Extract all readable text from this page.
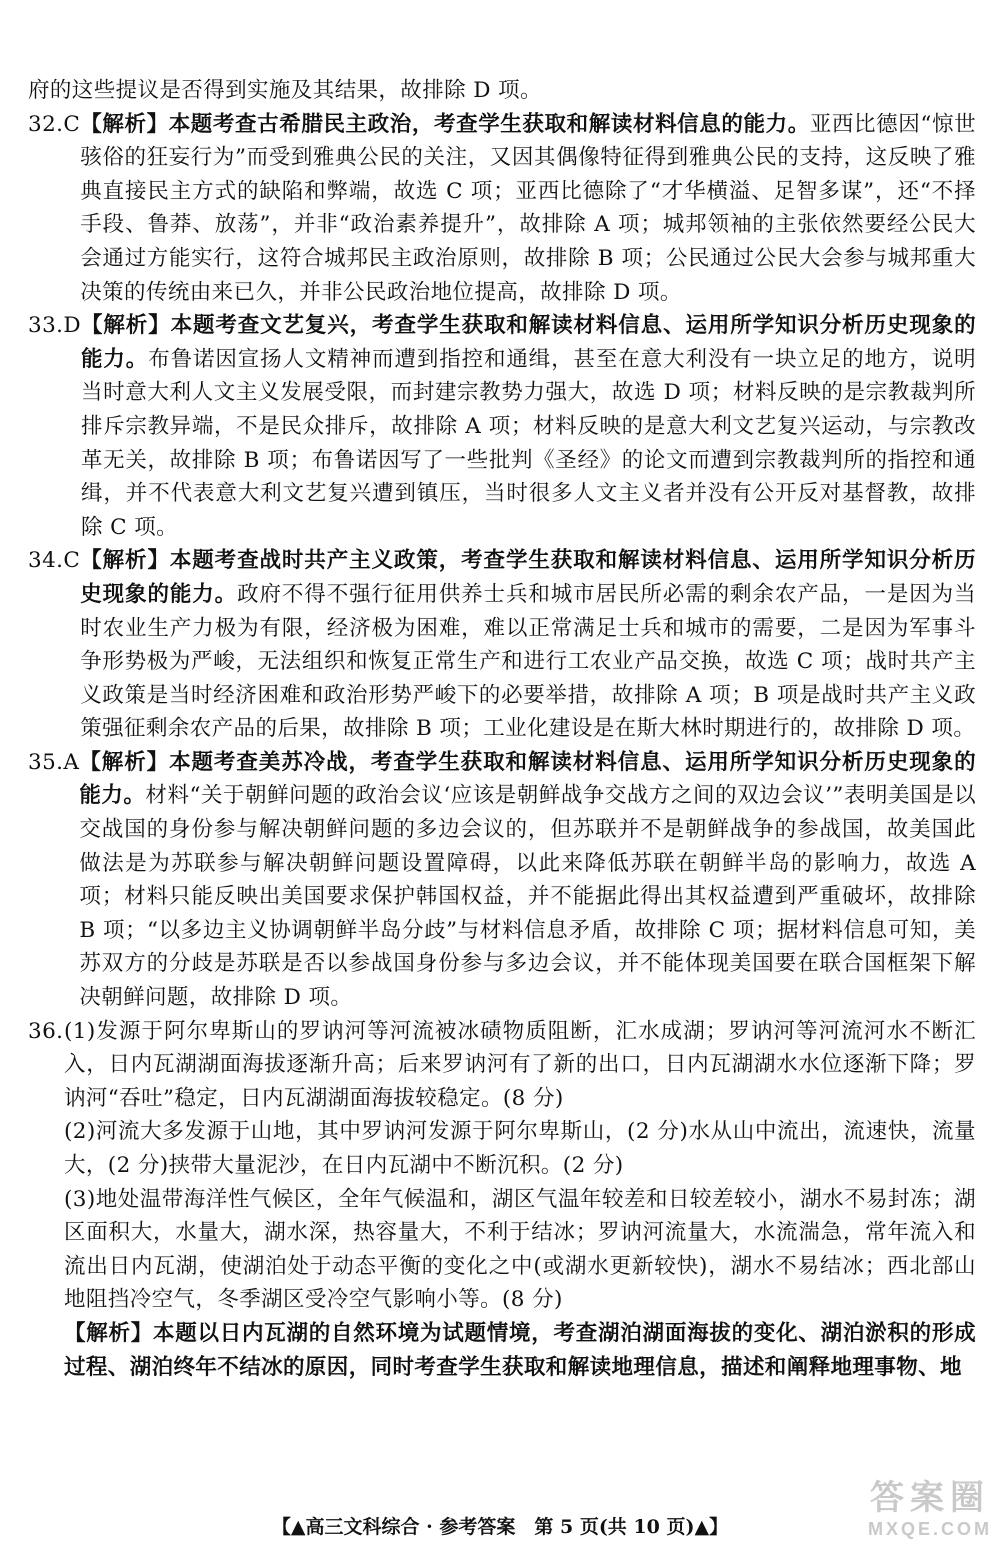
府的这些提议是否得到实施及其结果，故排除 D 项。
32.C 【解析】本题考查古希腊民主政治，考查学生获取和解读材料信息的能力。亚西比德因“惊世骇俗的狂妄行为”而受到雅典公民的关注，又因其偶像特征得到雅典公民的支持，这反映了雅典直接民主方式的缺陷和弊端，故选 C 项；亚西比德除了“才华横溢、足智多谋”，还“不择手段、鲁莽、放荡”，并非“政治素养提升”，故排除 A 项；城邦领袖的主张依然要经公民大会通过方能实行，这符合城邦民主政治原则，故排除 B 项；公民通过公民大会参与城邦重大决策的传统由来已久，并非公民政治地位提高，故排除 D 项。
33.D 【解析】本题考查文艺复兴，考查学生获取和解读材料信息、运用所学知识分析历史现象的能力。布鲁诺因宣扬人文精神而遭到指控和通缉，甚至在意大利没有一块立足的地方，说明当时意大利人文主义发展受限，而封建宗教势力强大，故选 D 项；材料反映的是宗教裁判所排斥宗教异端，不是民众排斥，故排除 A 项；材料反映的是意大利文艺复兴运动，与宗教改革无关，故排除 B 项；布鲁诺因写了一些批判《圣经》的论文而遭到宗教裁判所的指控和通缉，并不代表意大利文艺复兴遭到镇压，当时很多人文主义者并没有公开反对基督教，故排除 C 项。
34.C 【解析】本题考查战时共产主义政策，考查学生获取和解读材料信息、运用所学知识分析历史现象的能力。政府不得不强行征用供养士兵和城市居民所必需的剩余农产品，一是因为当时农业生产力极为有限，经济极为困难，难以正常满足士兵和城市的需要，二是因为军事斗争形势极为严峻，无法组织和恢复正常生产和进行工农业产品交换，故选 C 项；战时共产主义政策是当时经济困难和政治形势严峻下的必要举措，故排除 A 项；B 项是战时共产主义政策强征剩余农产品的后果，故排除 B 项；工业化建设是在斯大林时期进行的，故排除 D 项。
35.A 【解析】本题考查美苏冷战，考查学生获取和解读材料信息、运用所学知识分析历史现象的能力。材料“关于朝鲜问题的政治会议‘应该是朝鲜战争交战方之间的双边会议’”表明美国是以交战国的身份参与解决朝鲜问题的多边会议的，但苏联并不是朝鲜战争的参战国，故美国此做法是为苏联参与解决朝鲜问题设置障碍，以此来降低苏联在朝鲜半岛的影响力，故选 A 项；材料只能反映出美国要求保护韩国权益，并不能据此得出其权益遭到严重破坏，故排除 B 项；“以多边主义协调朝鲜半岛分歧”与材料信息矛盾，故排除 C 项；据材料信息可知，美苏双方的分歧是苏联是否以参战国身份参与多边会议，并不能体现美国要在联合国框架下解决朝鲜问题，故排除 D 项。
36. (1)发源于阿尔卑斯山的罗讷河等河流被冰碛物质阻断，汇水成湖；罗讷河等河流河水不断汇入，日内瓦湖湖面海拔逐渐升高；后来罗讷河有了新的出口，日内瓦湖湖水水位逐渐下降；罗讷河“吞吐”稳定，日内瓦湖湖面海拔较稳定。(8 分)
(2)河流大多发源于山地，其中罗讷河发源于阿尔卑斯山，(2 分)水从山中流出，流速快，流量大，(2 分)挟带大量泥沙，在日内瓦湖中不断沉积。(2 分)
(3)地处温带海洋性气候区，全年气候温和，湖区气温年较差和日较差较小，湖水不易封冻；湖区面积大，水量大，湖水深，热容量大，不利于结冰；罗讷河流量大，水流湍急，常年流入和流出日内瓦湖，使湖泊处于动态平衡的变化之中(或湖水更新较快)，湖水不易结冰；西北部山地阻挡冷空气，冬季湖区受冷空气影响小等。(8 分)
【解析】本题以日内瓦湖的自然环境为试题情境，考查湖泊湖面海拔的变化、湖泊淤积的形成过程、湖泊终年不结冰的原因，同时考查学生获取和解读地理信息，描述和阐释地理事物、地
【▲高三文科综合 · 参考答案　第 5 页(共 10 页)▲】
答案圈
MXQE.COM
